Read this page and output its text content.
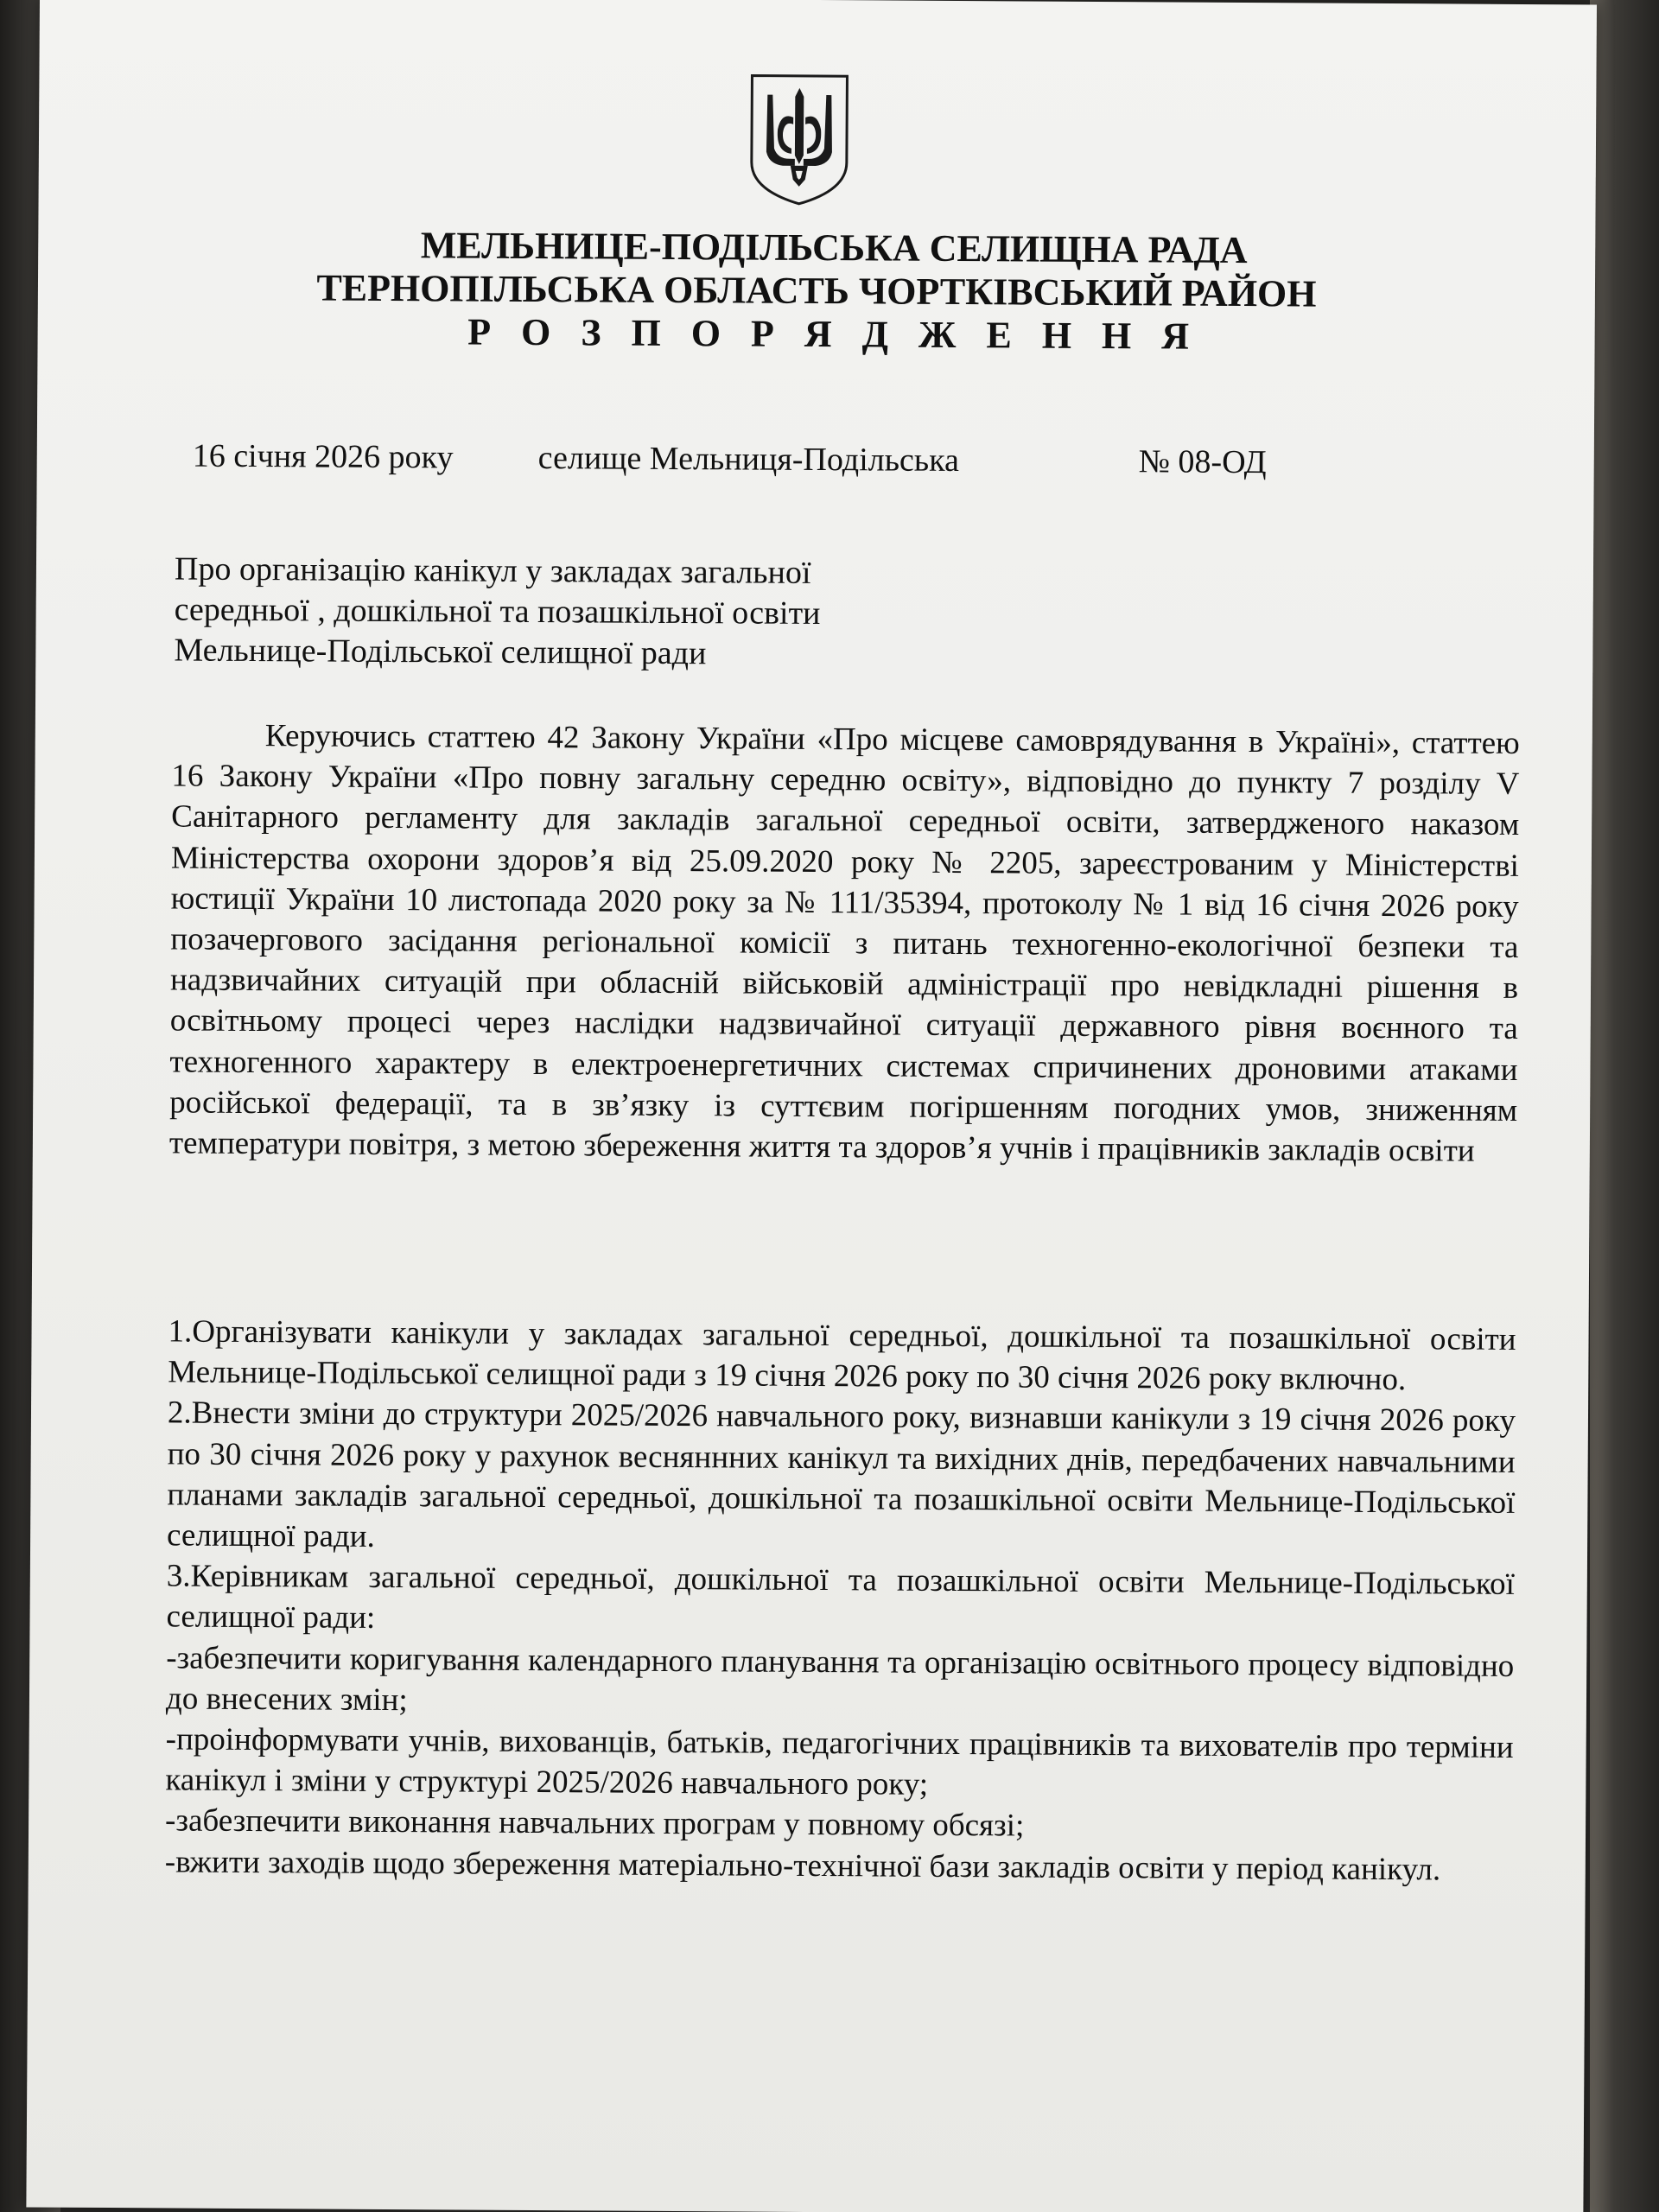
МЕЛЬНИЦЕ-ПОДІЛЬСЬКА СЕЛИЩНА РАДА
ТЕРНОПІЛЬСЬКА ОБЛАСТЬ ЧОРТКІВСЬКИЙ РАЙОН
Р О З П О Р Я Д Ж Е Н Н Я
16 січня 2026 року	селище Мельниця-Подільська	№ 08-ОД
Про організацію канікул у закладах загальної
середньої , дошкільної та позашкільної освіти
Мельнице-Подільської селищної ради

Керуючись статтею 42 Закону України «Про місцеве самоврядування в Україні», статтею 16 Закону України «Про повну загальну середню освіту», відповідно до пункту 7 розділу V Санітарного регламенту для закладів загальної середньої освіти, затвердженого наказом Міністерства охорони здоров’я від 25.09.2020 року № 2205, зареєстрованим у Міністерстві юстиції України 10 листопада 2020 року за № 111/35394, протоколу № 1 від 16 січня 2026 року позачергового засідання регіональної комісії з питань техногенно-екологічної безпеки та надзвичайних ситуацій при обласній військовій адміністрації про невідкладні рішення в освітньому процесі через наслідки надзвичайної ситуації державного рівня воєнного та техногенного характеру в електроенергетичних системах спричинених дроновими атаками російської федерації, та в зв’язку із суттєвим погіршенням погодних умов, зниженням температури повітря, з метою збереження життя та здоров’я учнів і працівників закладів освіти

1.Організувати канікули у закладах загальної середньої, дошкільної та позашкільної освіти Мельнице-Подільської селищної ради з 19 січня 2026 року по 30 січня 2026 року включно.

2.Внести зміни до структури 2025/2026 навчального року, визнавши канікули з 19 січня 2026 року по 30 січня 2026 року у рахунок весняннних канікул та вихідних днів, передбачених навчальними планами закладів загальної середньої, дошкільної та позашкільної освіти Мельнице-Подільської селищної ради.

3.Керівникам загальної середньої, дошкільної та позашкільної освіти Мельнице-Подільської селищної ради:

-забезпечити коригування календарного планування та організацію освітнього процесу відповідно до внесених змін;

-проінформувати учнів, вихованців, батьків, педагогічних працівників та вихователів про терміни канікул і зміни у структурі 2025/2026 навчального року;

-забезпечити виконання навчальних програм у повному обсязі;

-вжити заходів щодо збереження матеріально-технічної бази закладів освіти у період канікул.
